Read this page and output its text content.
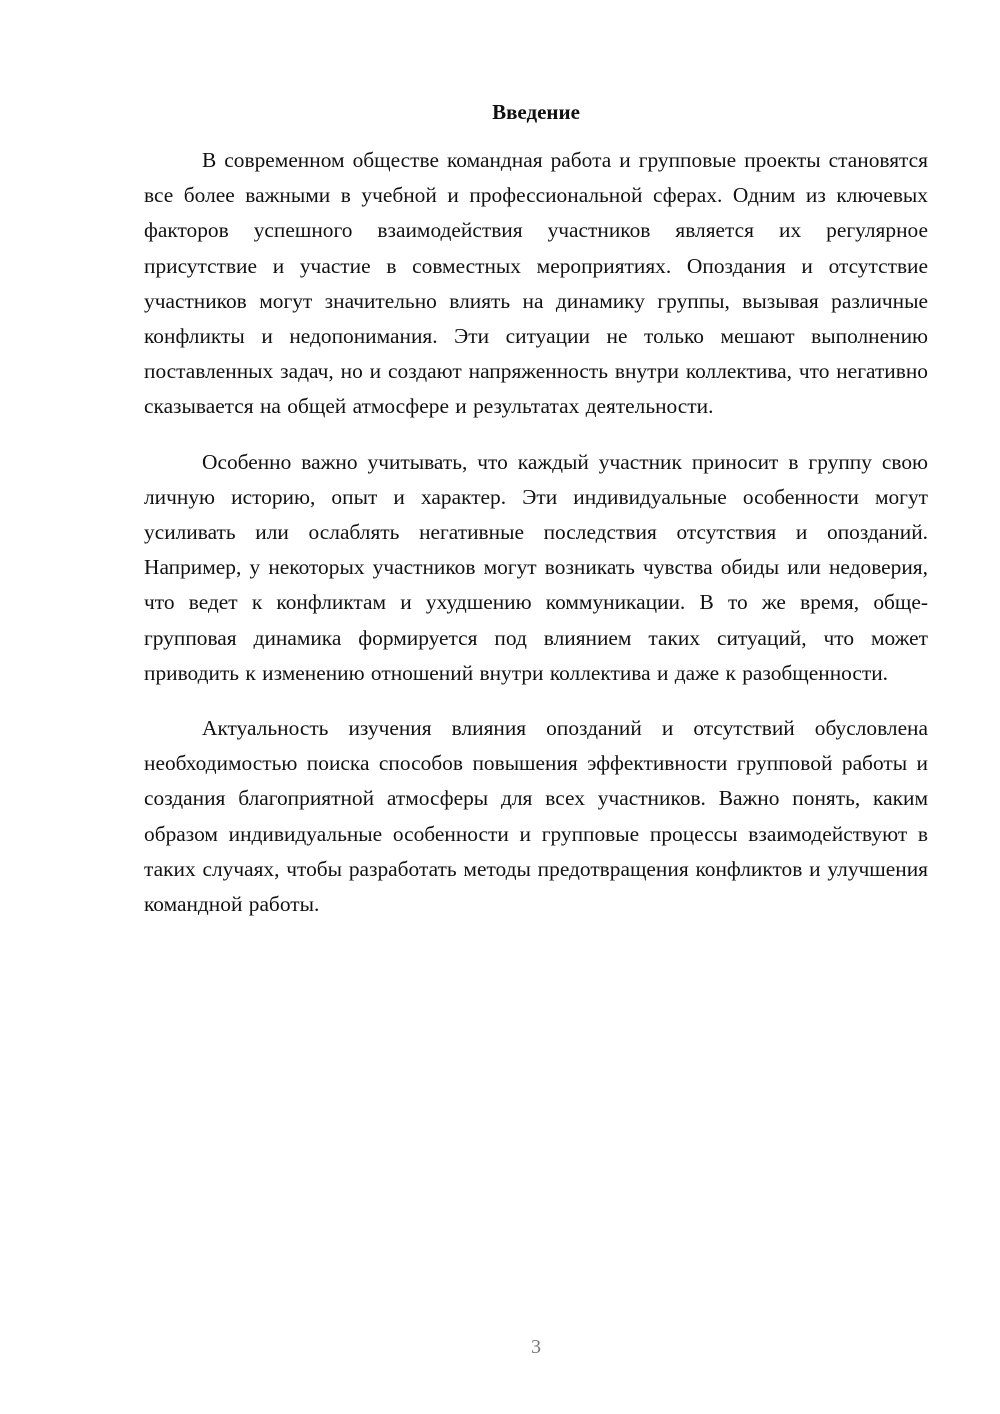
Введение

В современном обществе командная работа и групповые проекты становятся все более важными в учебной и профессиональной сферах. Одним из ключевых факторов успешного взаимодействия участников является их регулярное присутствие и участие в совместных мероприятиях. Опоздания и отсутствие участников могут значительно влиять на динамику группы, вызывая различные конфликты и недопонимания. Эти ситуации не только мешают выполнению поставленных задач, но и создают напряженность внутри коллектива, что негативно сказывается на общей атмосфере и результатах деятельности.

Особенно важно учитывать, что каждый участник приносит в группу свою личную историю, опыт и характер. Эти индивидуальные особенности могут усиливать или ослаблять негативные последствия отсутствия и опозданий. Например, у некоторых участников могут возникать чувства обиды или недоверия, что ведет к конфликтам и ухудшению коммуникации. В то же время, обще-групповая динамика формируется под влиянием таких ситуаций, что может приводить к изменению отношений внутри коллектива и даже к разобщенности.

Актуальность изучения влияния опозданий и отсутствий обусловлена необходимостью поиска способов повышения эффективности групповой работы и создания благоприятной атмосферы для всех участников. Важно понять, каким образом индивидуальные особенности и групповые процессы взаимодействуют в таких случаях, чтобы разработать методы предотвращения конфликтов и улучшения командной работы.

3
